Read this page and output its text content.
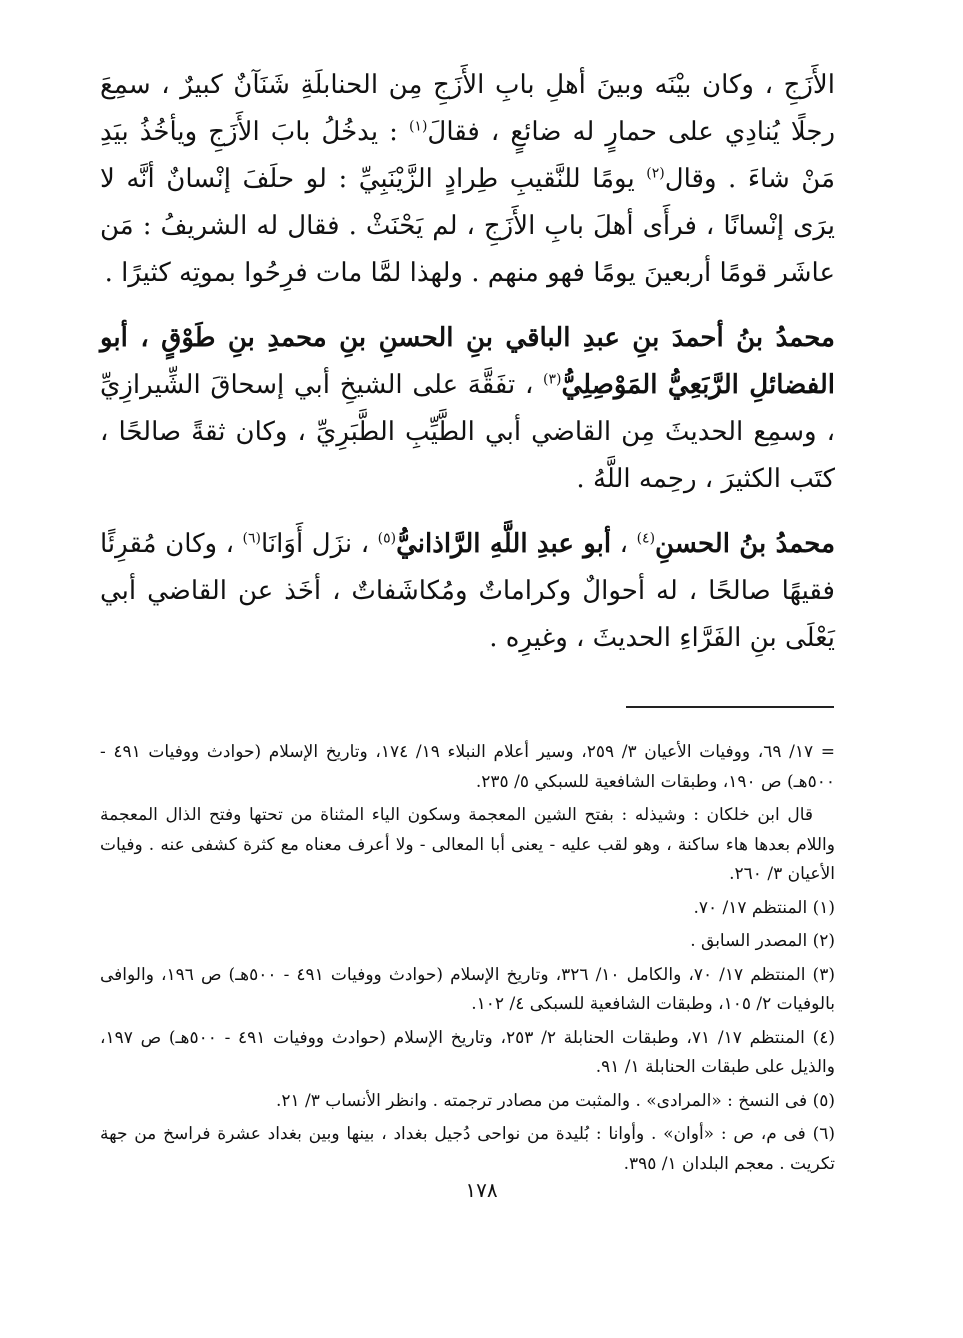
الأَزَجِ ، وكان بيْنَه وبينَ أهلِ بابِ الأَزَجِ مِن الحنابلَةِ شَنَآنٌ كبيرٌ ، سمِعَ رجلًا يُنادِي على حمارٍ له ضائعٍ ، فقالَ$^{(١)}$ : يدخُلُ بابَ الأَزَجِ ويأخُذُ بيَدِ مَنْ شاءَ . وقال$^{(٢)}$ يومًا للنَّقيبِ طِرادٍ الزَّيْنَبِيِّ : لو حلَفَ إنْسانٌ أنَّه لا يرَى إنْسانًا ، فرأَى أهلَ بابِ الأَزَجِ ، لم يَحْنَثْ . فقال له الشريفُ : مَن عاشَر قومًا أربعينَ يومًا فهو منهم . ولهذا لمَّا مات فرِحُوا بموتِه كثيرًا .

محمدُ بنُ أحمدَ بنِ عبدِ الباقي بنِ الحسنِ بنِ محمدِ بنِ طَوْقٍ ، أبو الفضائلِ الرَّبَعِيُّ المَوْصِلِيُّ$^{(٣)}$ ، تفَقَّهَ على الشيخِ أبي إسحاقَ الشِّيرازِيِّ ، وسمِع الحديثَ مِن القاضي أبي الطَّيِّبِ الطَّبَرِيِّ ، وكان ثقةً صالحًا ، كتَب الكثيرَ ، رحِمه اللَّهُ .

محمدُ بنُ الحسنِ$^{(٤)}$ ، أبو عبدِ اللَّهِ الرَّاذانيُّ$^{(٥)}$ ، نزَل أَوَانَا$^{(٦)}$ ، وكان مُقرِئًا فقيهًا صالحًا ، له أحوالٌ وكراماتٌ ومُكاشَفاتٌ ، أخَذ عن القاضي أبي يَعْلَى بنِ الفَرَّاءِ الحديثَ ، وغيرِه .

= ١٧/ ٦٩، ووفيات الأعيان ٣/ ٢٥٩، وسير أعلام النبلاء ١٩/ ١٧٤، وتاريخ الإسلام (حوادث ووفيات ٤٩١ - ٥٠٠هـ) ص ١٩٠، وطبقات الشافعية للسبكي ٥/ ٢٣٥.

قال ابن خلكان : وشيذله : بفتح الشين المعجمة وسكون الياء المثناة من تحتها وفتح الذال المعجمة واللام بعدها هاء ساكنة ، وهو لقب عليه - يعنى أبا المعالى - ولا أعرف معناه مع كثرة كشفى عنه . وفيات الأعيان ٣/ ٢٦٠.

(١) المنتظم ١٧/ ٧٠.

(٢) المصدر السابق .

(٣) المنتظم ١٧/ ٧٠، والكامل ١٠/ ٣٢٦، وتاريخ الإسلام (حوادث ووفيات ٤٩١ - ٥٠٠هـ) ص ١٩٦، والوافى بالوفيات ٢/ ١٠٥، وطبقات الشافعية للسبكى ٤/ ١٠٢.

(٤) المنتظم ١٧/ ٧١، وطبقات الحنابلة ٢/ ٢٥٣، وتاريخ الإسلام (حوادث ووفيات ٤٩١ - ٥٠٠هـ) ص ١٩٧، والذيل على طبقات الحنابلة ١/ ٩١.

(٥) فى النسخ : «المرادى» . والمثبت من مصادر ترجمته . وانظر الأنساب ٣/ ٢١.

(٦) فى م، ص : «أوان» . وأوانا : بُليدة من نواحى دُجيل بغداد ، بينها وبين بغداد عشرة فراسخ من جهة تكريت . معجم البلدان ١/ ٣٩٥.

١٧٨
